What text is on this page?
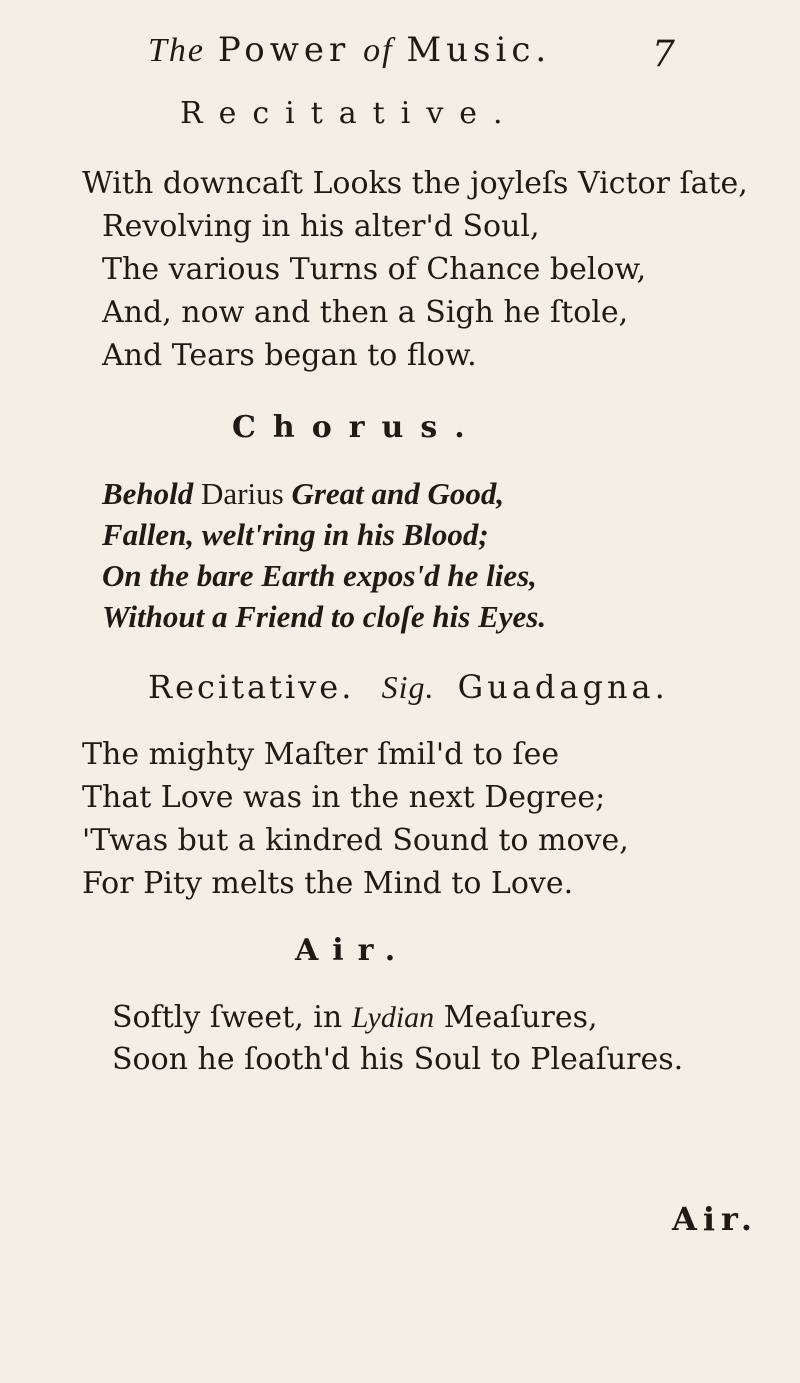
The Power of Music.	7
Recitative.
With downcaſt Looks the joyleſs Victor ſate,
Revolving in his alter'd Soul,
The various Turns of Chance below,
And, now and then a Sigh he ſtole,
And Tears began to flow.
Chorus.
Behold Darius Great and Good,
Fallen, welt'ring in his Blood;
On the bare Earth expos'd he lies,
Without a Friend to cloſe his Eyes.
Recitative. Sig. Guadagna.
The mighty Maſter ſmil'd to ſee
That Love was in the next Degree;
'Twas but a kindred Sound to move,
For Pity melts the Mind to Love.
Air.
Softly ſweet, in Lydian Meaſures,
Soon he ſooth'd his Soul to Pleaſures.
Air.
